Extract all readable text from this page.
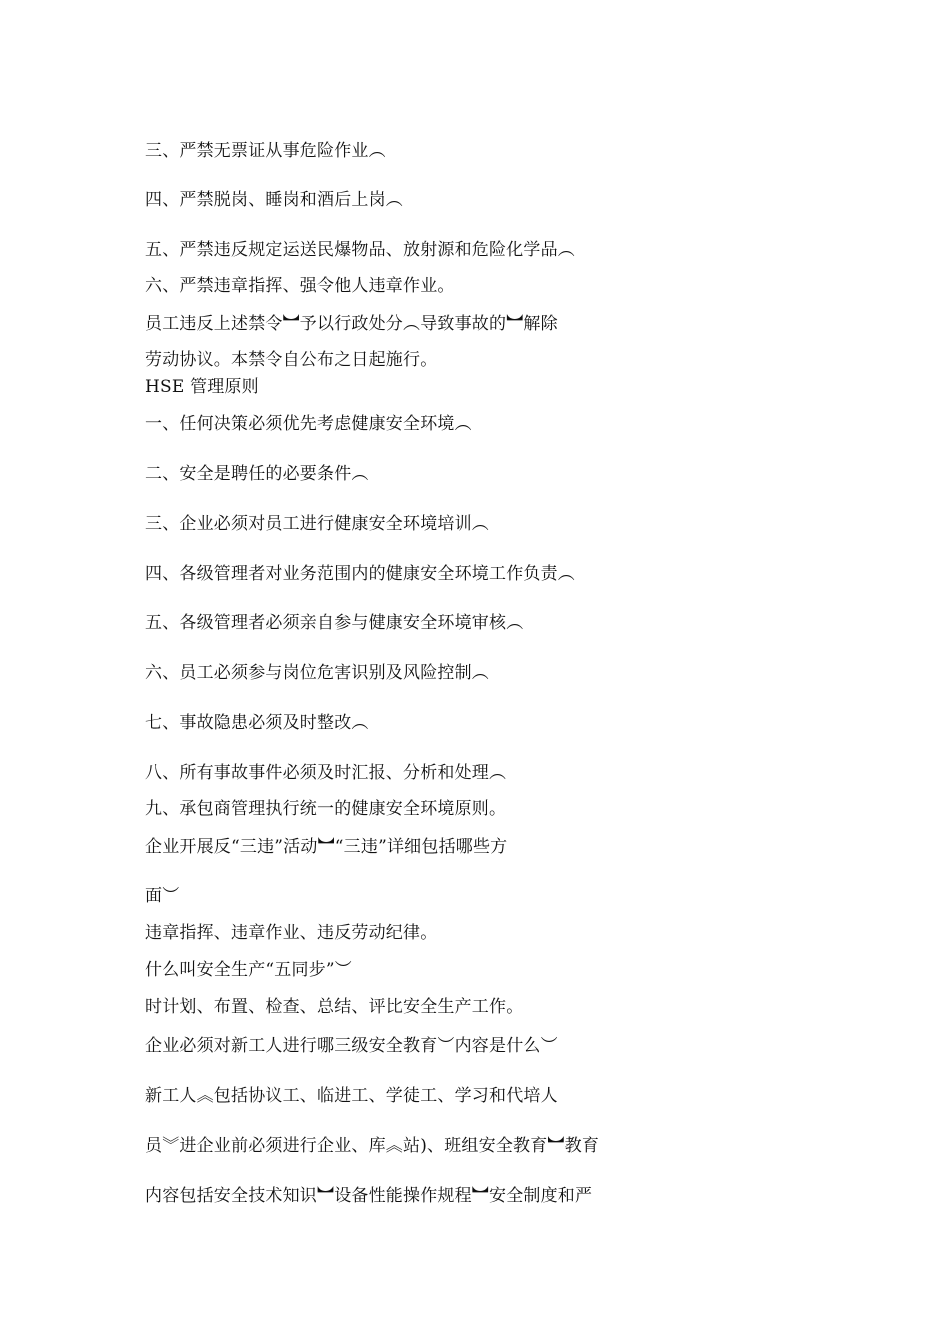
三、严禁无票证从事危险作业︵
四、严禁脱岗、睡岗和酒后上岗︵
五、严禁违反规定运送民爆物品、放射源和危险化学品︵
六、严禁违章指挥、强令他人违章作业。
员工违反上述禁令︼予以行政处分︵导致事故的︼解除
劳动协议。本禁令自公布之日起施行。
HSE 管理原则
一、任何决策必须优先考虑健康安全环境︵
二、安全是聘任的必要条件︵
三、企业必须对员工进行健康安全环境培训︵
四、各级管理者对业务范围内的健康安全环境工作负责︵
五、各级管理者必须亲自参与健康安全环境审核︵
六、员工必须参与岗位危害识别及风险控制︵
七、事故隐患必须及时整改︵
八、所有事故事件必须及时汇报、分析和处理︵
九、承包商管理执行统一的健康安全环境原则。
企业开展反“三违”活动︼“三违”详细包括哪些方
面︶
违章指挥、违章作业、违反劳动纪律。
什么叫安全生产“五同步”︶
时计划、布置、检查、总结、评比安全生产工作。
企业必须对新工人进行哪三级安全教育︶内容是什么︶
新工人︽包括协议工、临进工、学徒工、学习和代培人
员︾进企业前必须进行企业、库︽站)、班组安全教育︼教育
内容包括安全技术知识︼设备性能操作规程︼安全制度和严
